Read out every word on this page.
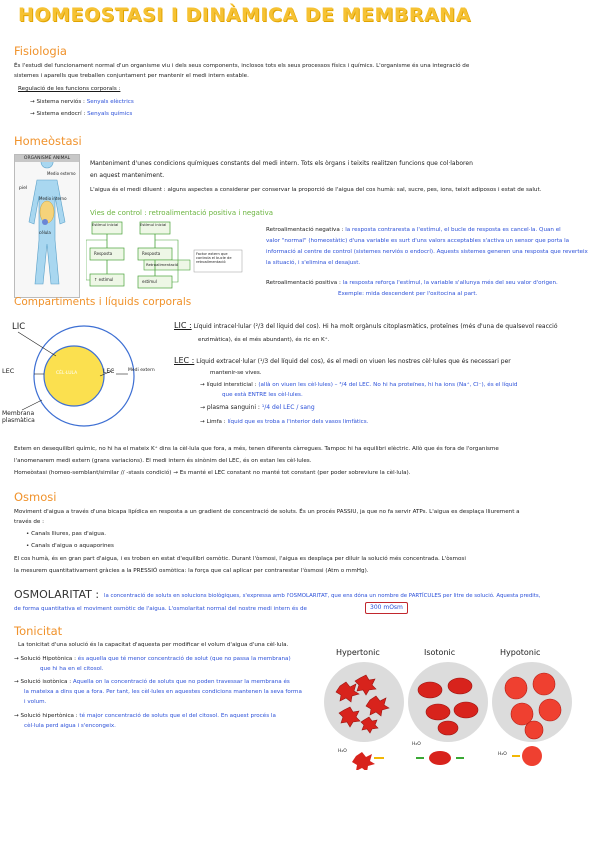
HOMEOSTASI I DINÀMICA DE MEMBRANA
Fisiologia
És l'estudi del funcionament normal d'un organisme viu i dels seus components, inclosos tots els seus processos físics i químics. L'organisme és una integració de
sistemes i aparells que treballen conjuntament per mantenir el medi intern estable.
Regulació de les funcions corporals :
→ Sistema nerviós : Senyals elèctrics
→ Sistema endocrí : Senyals químics
Homeòstasi
ORGANISME ANIMAL
Medio externo
piel
Medio interno
célula
Manteniment d'unes condicions químiques constants del medi intern. Tots els òrgans i teixits realitzen funcions que col·laboren
en aquest manteniment.
L'aigua és el medi diluent : alguns aspectes a considerar per conservar la proporció de l'aigua del cos humà: sal, sucre, pes, ions, teixit adiposos i estat de salut.
Vies de control : retroalimentació positiva i negativa
Estímul inicial	Estímul inicial
Resposta	Resposta
Retroalimentació
Factor extern que controla el bucle de retroalimentació
↑ estímul	estímul
Retroalimentació negativa : la resposta contraresta a l'estímul, el bucle de resposta es cancel·la. Quan el
valor "normal" (homeostàtic) d'una variable es surt d'uns valors acceptables s'activa un sensor que porta la
informació al centre de control (sistemes nerviós o endocrí). Aquests sistemes generen una resposta que reverteix
la situació, i s'elimina el desajust.
Retroalimentació positiva : la resposta reforça l'estímul, la variable s'allunya més del seu valor d'origen.
Exemple: mida descendent per l'oxitocina al part.
Compartiments i líquids corporals
LIC
LEC	CÈL·LULA	LEC	Medi extern
Membrana plasmàtica
LIC : Líquid intracel·lular (²/3 del líquid del cos). Hi ha molt orgànuls citoplasmàtics, proteïnes (més d'una de qualsevol reacció
enzimàtica), és el més abundant), és ric en K⁺.
LEC : Líquid extracel·lular (¹/3 del líquid del cos), és el medi on viuen les nostres cèl·lules que és necessari per
mantenir-se vives.
→ líquid intersticial : (allà on viuen les cèl·lules) – ³/4 del LEC. No hi ha proteïnes, hi ha ions (Na⁺, Cl⁻), és el líquid
que està ENTRE les cèl·lules.
→ plasma sanguini : ¹/4 del LEC / sang
→ Limfa : líquid que es troba a l'interior dels vasos limfàtics.
Estem en desequilibri químic, no hi ha el mateix K⁺ dins la cèl·lula que fora, a més, tenen diferents càrregues. Tampoc hi ha equilibri elèctric. Allò que és fora de l'organisme
l'anomenarem medi extern (grans variacions). El medi intern és sinònim del LEC, és on estan les cèl·lules.
Homeòstasi (homeo-semblant/similar // -stasis condició) → Es manté el LEC constant no manté tot constant (per poder sobreviure la cèl·lula).
Osmosi
Moviment d'aigua a través d'una bicapa lipídica en resposta a un gradient de concentració de soluts. És un procés PASSIU, ja que no fa servir ATPs. L'aigua es desplaça lliurement a
través de :
• Canals lliures, pas d'aigua.
• Canals d'aigua o aquaporines
El cos humà, és en gran part d'aigua, i es troben en estat d'equilibri osmòtic. Durant l'òsmosi, l'aigua es desplaça per diluir la solució més concentrada. L'òsmosi
la mesurem quantitativament gràcies a la PRESSIÓ osmòtica: la força que cal aplicar per contrarestar l'òsmosi (Atm o mmHg).
OSMOLARITAT : la concentració de soluts en solucions biològiques, s'expressa amb l'OSMOLARITAT, que ens dóna un nombre de PARTÍCULES per litre de solució. Aquesta predits,
de forma quantitativa el moviment osmòtic de l'aigua. L'osmolaritat normal del nostre medi intern és de	300 mOsm
Tonicitat
La tonicitat d'una solució és la capacitat d'aquesta per modificar el volum d'aigua d'una cèl·lula.
→ Solució Hipotònica : és aquella que té menor concentració de solut (que no passa la membrana)
que hi ha en el citosol.
→ Solució isotònica : Aquella on la concentració de soluts que no poden travessar la membrana és
la mateixa a dins que a fora. Per tant, les cèl·lules en aquestes condicions mantenen la seva forma
i volum.
→ Solució hipertònica : té major concentració de soluts que el del citosol. En aquest procés la
cèl·lula perd aigua i s'encongeix.
Hypertonic	Isotonic	Hypotonic
H₂O
H₂O
H₂O
